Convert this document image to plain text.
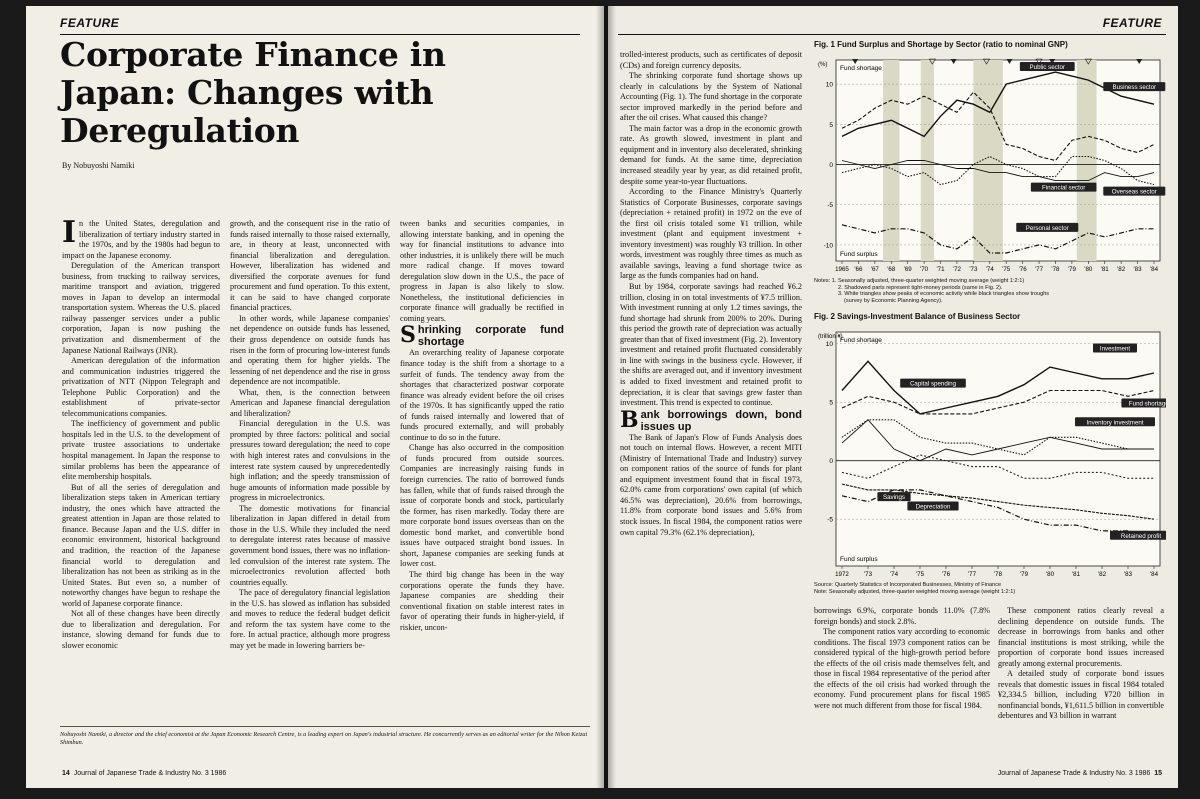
FEATURE
Corporate Finance in Japan: Changes with Deregulation
By Nobuyoshi Namiki

In the United States, deregulation and liberalization of tertiary industry started in the 1970s, and by the 1980s had begun to impact on the Japanese economy.

Deregulation of the American transport business, from trucking to railway services, maritime transport and aviation, triggered moves in Japan to develop an intermodal transportation system. Whereas the U.S. placed railway passenger services under a public corporation, Japan is now pushing the privatization and dismemberment of the Japanese National Railways (JNR).

American deregulation of the information and communication industries triggered the privatization of NTT (Nippon Telegraph and Telephone Public Corporation) and the establishment of private-sector telecommunications companies.

The inefficiency of government and public hospitals led in the U.S. to the development of private trustee associations to undertake hospital management. In Japan the response to similar problems has been the appearance of elite membership hospitals.

But of all the series of deregulation and liberalization steps taken in American tertiary industry, the ones which have attracted the greatest attention in Japan are those related to finance. Because Japan and the U.S. differ in economic environment, historical background and tradition, the reaction of the Japanese financial world to deregulation and liberalization has not been as striking as in the United States. But even so, a number of noteworthy changes have begun to reshape the world of Japanese corporate finance.

Not all of these changes have been directly due to liberalization and deregulation. For instance, slowing demand for funds due to slower economic

growth, and the consequent rise in the ratio of funds raised internally to those raised externally, are, in theory at least, unconnected with financial liberalization and deregulation. However, liberalization has widened and diversified the corporate avenues for fund procurement and fund operation. To this extent, it can be said to have changed corporate financial practices.

In other words, while Japanese companies' net dependence on outside funds has lessened, their gross dependence on outside funds has risen in the form of procuring low-interest funds and operating them for higher yields. The lessening of net dependence and the rise in gross dependence are not incompatible.

What, then, is the connection between American and Japanese financial deregulation and liberalization?

Financial deregulation in the U.S. was prompted by three factors: political and social pressures toward deregulation; the need to cope with high interest rates and convulsions in the interest rate system caused by unprecedentedly high inflation; and the speedy transmission of huge amounts of information made possible by progress in microelectronics.

The domestic motivations for financial liberalization in Japan differed in detail from those in the U.S. While they included the need to deregulate interest rates because of massive government bond issues, there was no inflation-led convulsion of the interest rate system. The microelectronics revolution affected both countries equally.

The pace of deregulatory financial legislation in the U.S. has slowed as inflation has subsided and moves to reduce the federal budget deficit and reform the tax system have come to the fore. In actual practice, although more progress may yet be made in lowering barriers be-

tween banks and securities companies, in allowing interstate banking, and in opening the way for financial institutions to advance into other industries, it is unlikely there will be much more radical change. If moves toward deregulation slow down in the U.S., the pace of progress in Japan is also likely to slow. Nonetheless, the institutional deficiencies in corporate finance will gradually be rectified in coming years.

Shrinking corporate fund shortage

An overarching reality of Japanese corporate finance today is the shift from a shortage to a surfeit of funds. The tendency away from the shortages that characterized postwar corporate finance was already evident before the oil crises of the 1970s. It has significantly upped the ratio of funds raised internally and lowered that of funds procured externally, and will probably continue to do so in the future.

Change has also occurred in the composition of funds procured from outside sources. Companies are increasingly raising funds in foreign currencies. The ratio of borrowed funds has fallen, while that of funds raised through the issue of corporate bonds and stock, particularly the former, has risen markedly. Today there are more corporate bond issues overseas than on the domestic bond market, and convertible bond issues have outpaced straight bond issues. In short, Japanese companies are seeking funds at lower cost.

The third big change has been in the way corporations operate the funds they have. Japanese companies are shedding their conventional fixation on stable interest rates in favor of operating their funds in higher-yield, if riskier, uncon-

Nobuyoshi Namiki, a director and the chief economist at the Japan Economic Research Centre, is a leading expert on Japan's industrial structure. He concurrently serves as an editorial writer for the Nihon Keizai Shimbun.
14 Journal of Japanese Trade & Industry No. 3 1986
FEATURE

trolled-interest products, such as certificates of deposit (CDs) and foreign currency deposits.

The shrinking corporate fund shortage shows up clearly in calculations by the System of National Accounting (Fig. 1). The fund shortage in the corporate sector improved markedly in the period before and after the oil crises. What caused this change?

The main factor was a drop in the economic growth rate. As growth slowed, investment in plant and equipment and in inventory also decelerated, shrinking demand for funds. At the same time, depreciation increased steadily year by year, as did retained profit, despite some year-to-year fluctuations.

According to the Finance Ministry's Quarterly Statistics of Corporate Businesses, corporate savings (depreciation + retained profit) in 1972 on the eve of the first oil crisis totaled some ¥1 trillion, while investment (plant and equipment investment + inventory investment) was roughly ¥3 trillion. In other words, investment was roughly three times as much as available savings, leaving a fund shortage twice as large as the funds companies had on hand.

But by 1984, corporate savings had reached ¥6.2 trillion, closing in on total investments of ¥7.5 trillion. With investment running at only 1.2 times savings, the fund shortage had shrunk from 200% to 20%. During this period the growth rate of depreciation was actually greater than that of fixed investment (Fig. 2). Inventory investment and retained profit fluctuated considerably in line with swings in the business cycle. However, if the shifts are averaged out, and if inventory investment is added to fixed investment and retained profit to depreciation, it is clear that savings grew faster than investment. This trend is expected to continue.

Bank borrowings down, bond issues up

The Bank of Japan's Flow of Funds Analysis does not touch on internal flows. However, a recent MITI (Ministry of International Trade and Industry) survey on component ratios of the source of funds for plant and equipment investment found that in fiscal 1973, 62.0% came from corporations' own capital (of which 46.5% was depreciation), 20.6% from borrowings, 11.8% from corporate bond issues and 5.6% from stock issues. In fiscal 1984, the component ratios were own capital 79.3% (62.1% depreciation),

borrowings 6.9%, corporate bonds 11.0% (7.8% foreign bonds) and stock 2.8%.

The component ratios vary according to economic conditions. The fiscal 1973 component ratios can be considered typical of the high-growth period before the effects of the oil crisis made themselves felt, and those in fiscal 1984 representative of the period after the effects of the oil crisis had worked through the economy. Fund procurement plans for fiscal 1985 were not much different from those for fiscal 1984.

These component ratios clearly reveal a declining dependence on outside funds. The decrease in borrowings from banks and other financial institutions is most striking, while the proportion of corporate bond issues increased greatly among external procurements.

A detailed study of corporate bond issues reveals that domestic issues in fiscal 1984 totaled ¥2,334.5 billion, including ¥720 billion in nonfinancial bonds, ¥1,611.5 billion in convertible debentures and ¥3 billion in warrant

Fig. 1 Fund Surplus and Shortage by Sector (ratio to nominal GNP)
10
5
0
-5
-10
1965 '66 '67 '68 '69 '70 '71 '72 '73 '74 '75 '76 '77 '78 '79 '80 '81 '82 '83 '84
(%) Fund shortage
Fund surplus
Public sector
Business sector
Overseas sector
Financial sector
Personal sector
Notes: 1. Seasonally adjusted, three-quarter weighted moving average (weight 1:2:1)
2. Shadowed parts represent tight-money periods (same in Fig. 2).
3. White triangles show peaks of economic activity while black triangles show troughs
(survey by Economic Planning Agency).
Fig. 2 Savings-Investment Balance of Business Sector
10
5
0
-5
1972 '73	'74	'75	'76	'77	'78	'79	'80	'81	'82	'83	'84
(trillion ¥)
Fund shortage
Fund surplus
Investment
Capital spending
Fund shortage
Inventory investment
Savings
Depreciation
Retained profit
Source: Quarterly Statistics of Incorporated Businesses, Ministry of Finance
Note: Seasonally adjusted, three-quarter weighted moving average (weight 1:2:1)
Journal of Japanese Trade & Industry No. 3 1986 15
